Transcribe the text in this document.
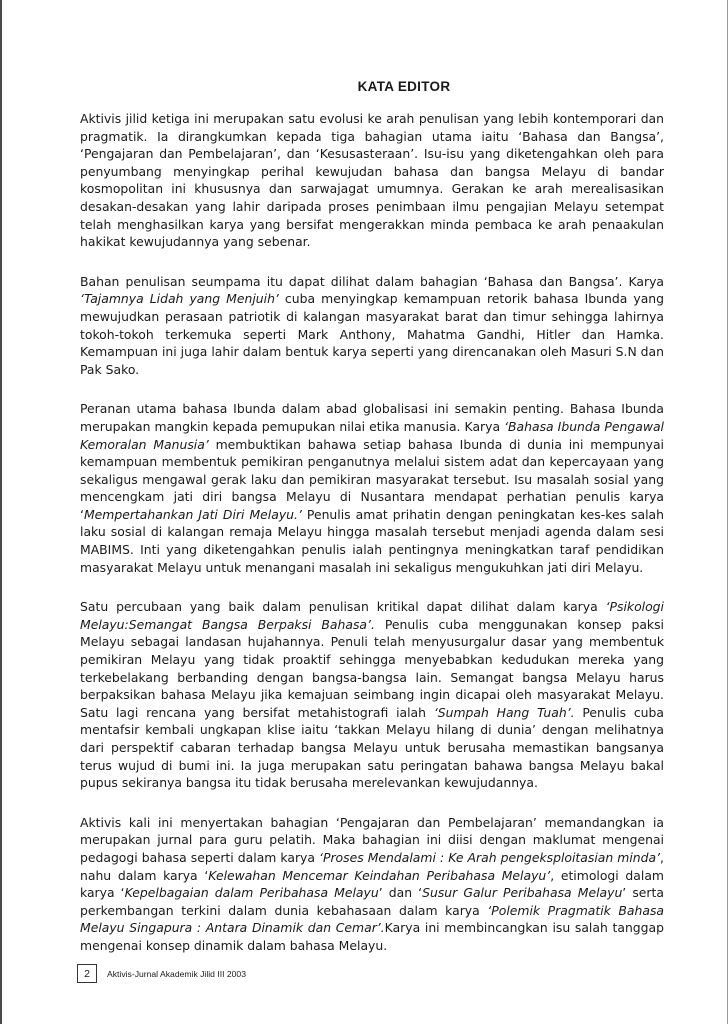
KATA EDITOR

Aktivis jilid ketiga ini merupakan satu evolusi ke arah penulisan yang lebih kontemporari dan pragmatik. Ia dirangkumkan kepada tiga bahagian utama iaitu ‘Bahasa dan Bangsa’, ‘Pengajaran dan Pembelajaran’, dan ‘Kesusasteraan’. Isu-isu yang diketengahkan oleh para penyumbang menyingkap perihal kewujudan bahasa dan bangsa Melayu di bandar kosmopolitan ini khususnya dan sarwajagat umumnya. Gerakan ke arah merealisasikan desakan-desakan yang lahir daripada proses penimbaan ilmu pengajian Melayu setempat telah menghasilkan karya yang bersifat mengerakkan minda pembaca ke arah penaakulan hakikat kewujudannya yang sebenar.

Bahan penulisan seumpama itu dapat dilihat dalam bahagian ‘Bahasa dan Bangsa’. Karya ‘Tajamnya Lidah yang Menjuih’ cuba menyingkap kemampuan retorik bahasa Ibunda yang mewujudkan perasaan patriotik di kalangan masyarakat barat dan timur sehingga lahirnya tokoh-tokoh terkemuka seperti Mark Anthony, Mahatma Gandhi, Hitler dan Hamka. Kemampuan ini juga lahir dalam bentuk karya seperti yang direncanakan oleh Masuri S.N dan Pak Sako.

Peranan utama bahasa Ibunda dalam abad globalisasi ini semakin penting. Bahasa Ibunda merupakan mangkin kepada pemupukan nilai etika manusia. Karya ‘Bahasa Ibunda Pengawal Kemoralan Manusia’ membuktikan bahawa setiap bahasa Ibunda di dunia ini mempunyai kemampuan membentuk pemikiran penganutnya melalui sistem adat dan kepercayaan yang sekaligus mengawal gerak laku dan pemikiran masyarakat tersebut. Isu masalah sosial yang mencengkam jati diri bangsa Melayu di Nusantara mendapat perhatian penulis karya ‘Mempertahankan Jati Diri Melayu.’ Penulis amat prihatin dengan peningkatan kes-kes salah laku sosial di kalangan remaja Melayu hingga masalah tersebut menjadi agenda dalam sesi MABIMS. Inti yang diketengahkan penulis ialah pentingnya meningkatkan taraf pendidikan masyarakat Melayu untuk menangani masalah ini sekaligus mengukuhkan jati diri Melayu.

Satu percubaan yang baik dalam penulisan kritikal dapat dilihat dalam karya ‘Psikologi Melayu:Semangat Bangsa Berpaksi Bahasa’. Penulis cuba menggunakan konsep paksi Melayu sebagai landasan hujahannya. Penuli telah menyusurgalur dasar yang membentuk pemikiran Melayu yang tidak proaktif sehingga menyebabkan kedudukan mereka yang terkebelakang berbanding dengan bangsa-bangsa lain. Semangat bangsa Melayu harus berpaksikan bahasa Melayu jika kemajuan seimbang ingin dicapai oleh masyarakat Melayu. Satu lagi rencana yang bersifat metahistografi ialah ‘Sumpah Hang Tuah’. Penulis cuba mentafsir kembali ungkapan klise iaitu ‘takkan Melayu hilang di dunia’ dengan melihatnya dari perspektif cabaran terhadap bangsa Melayu untuk berusaha memastikan bangsanya terus wujud di bumi ini. Ia juga merupakan satu peringatan bahawa bangsa Melayu bakal pupus sekiranya bangsa itu tidak berusaha merelevankan kewujudannya.

Aktivis kali ini menyertakan bahagian ‘Pengajaran dan Pembelajaran’ memandangkan ia merupakan jurnal para guru pelatih. Maka bahagian ini diisi dengan maklumat mengenai pedagogi bahasa seperti dalam karya ‘Proses Mendalami : Ke Arah pengeksploitasian minda’, nahu dalam karya ‘Kelewahan Mencemar Keindahan Peribahasa Melayu’, etimologi dalam karya ‘Kepelbagaian dalam Peribahasa Melayu’ dan ‘Susur Galur Peribahasa Melayu’ serta perkembangan terkini dalam dunia kebahasaan dalam karya ‘Polemik Pragmatik Bahasa Melayu Singapura : Antara Dinamik dan Cemar’.Karya ini membincangkan isu salah tanggap mengenai konsep dinamik dalam bahasa Melayu.

2	Aktivis-Jurnal Akademik Jilid III 2003
